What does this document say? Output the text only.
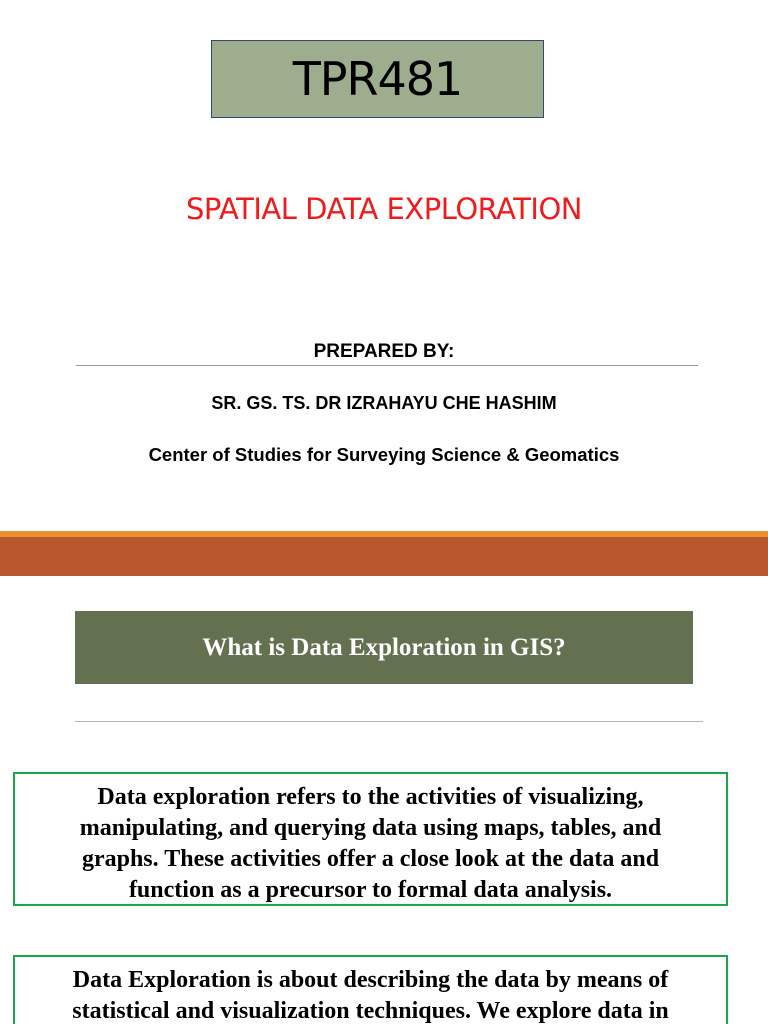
TPR481
SPATIAL DATA EXPLORATION
PREPARED BY:
SR. GS. TS. DR IZRAHAYU CHE HASHIM
Center of Studies for Surveying Science & Geomatics
What is Data Exploration in GIS?
Data exploration refers to the activities of visualizing, manipulating, and querying data using maps, tables, and graphs. These activities offer a close look at the data and function as a precursor to formal data analysis.
Data Exploration is about describing the data by means of statistical and visualization techniques. We explore data in
